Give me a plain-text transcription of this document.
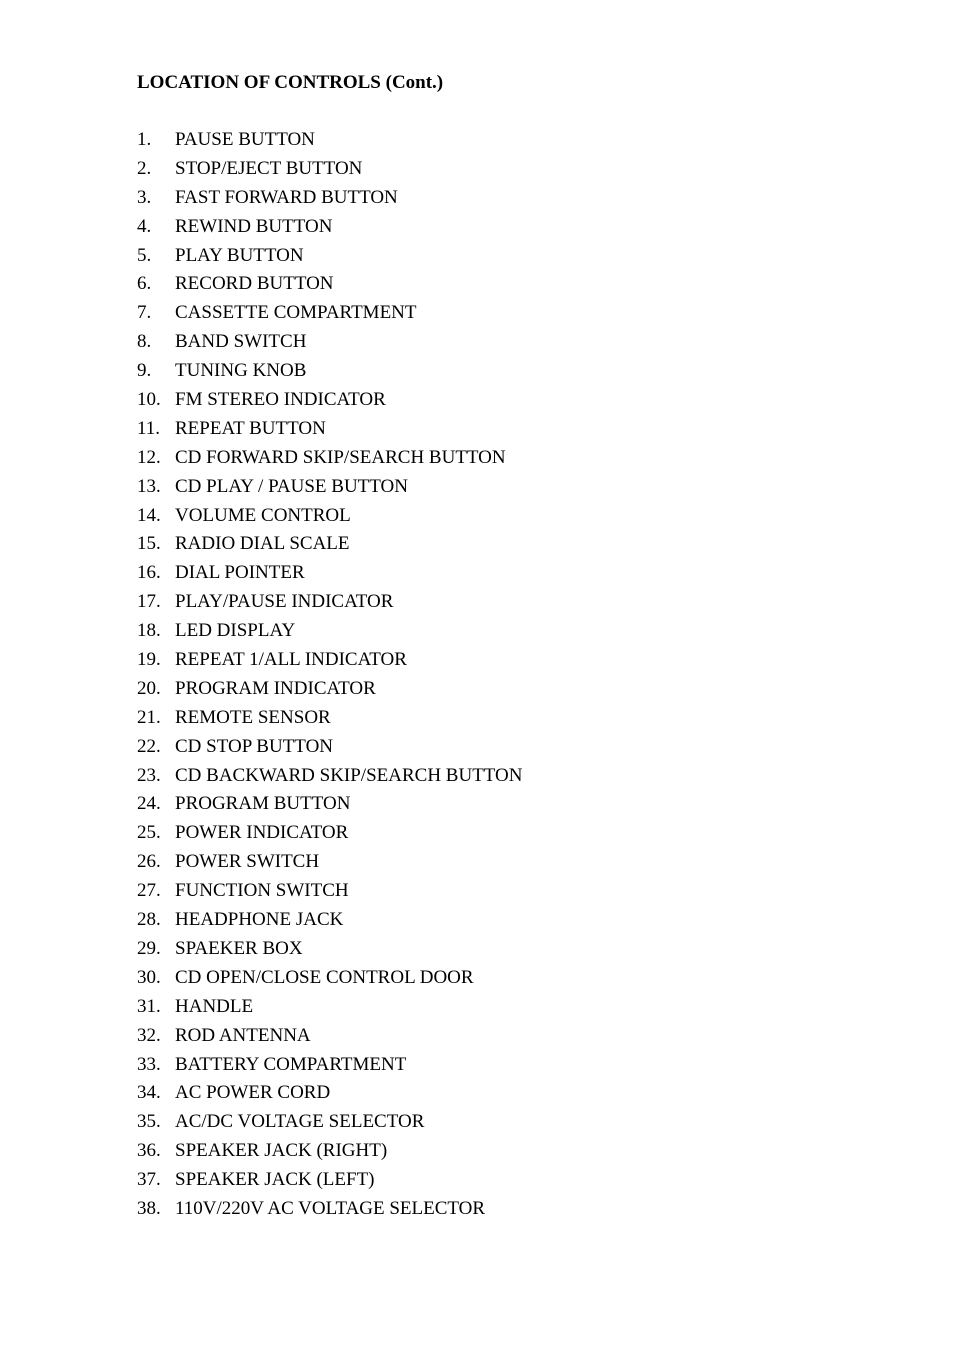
LOCATION OF CONTROLS (Cont.)
1.	PAUSE BUTTON
2.	STOP/EJECT BUTTON
3.	FAST FORWARD BUTTON
4.	REWIND BUTTON
5.	PLAY BUTTON
6.	RECORD BUTTON
7.	CASSETTE COMPARTMENT
8.	BAND SWITCH
9.	TUNING KNOB
10. FM STEREO INDICATOR
11. REPEAT BUTTON
12. CD FORWARD SKIP/SEARCH BUTTON
13. CD PLAY / PAUSE BUTTON
14. VOLUME CONTROL
15. RADIO DIAL SCALE
16. DIAL POINTER
17. PLAY/PAUSE INDICATOR
18. LED DISPLAY
19. REPEAT 1/ALL INDICATOR
20. PROGRAM INDICATOR
21. REMOTE SENSOR
22. CD STOP BUTTON
23. CD BACKWARD SKIP/SEARCH BUTTON
24. PROGRAM BUTTON
25. POWER INDICATOR
26. POWER SWITCH
27. FUNCTION SWITCH
28. HEADPHONE JACK
29. SPAEKER BOX
30. CD OPEN/CLOSE CONTROL DOOR
31. HANDLE
32. ROD ANTENNA
33. BATTERY COMPARTMENT
34. AC POWER CORD
35. AC/DC VOLTAGE SELECTOR
36. SPEAKER JACK (RIGHT)
37. SPEAKER JACK (LEFT)
38. 110V/220V AC VOLTAGE SELECTOR
